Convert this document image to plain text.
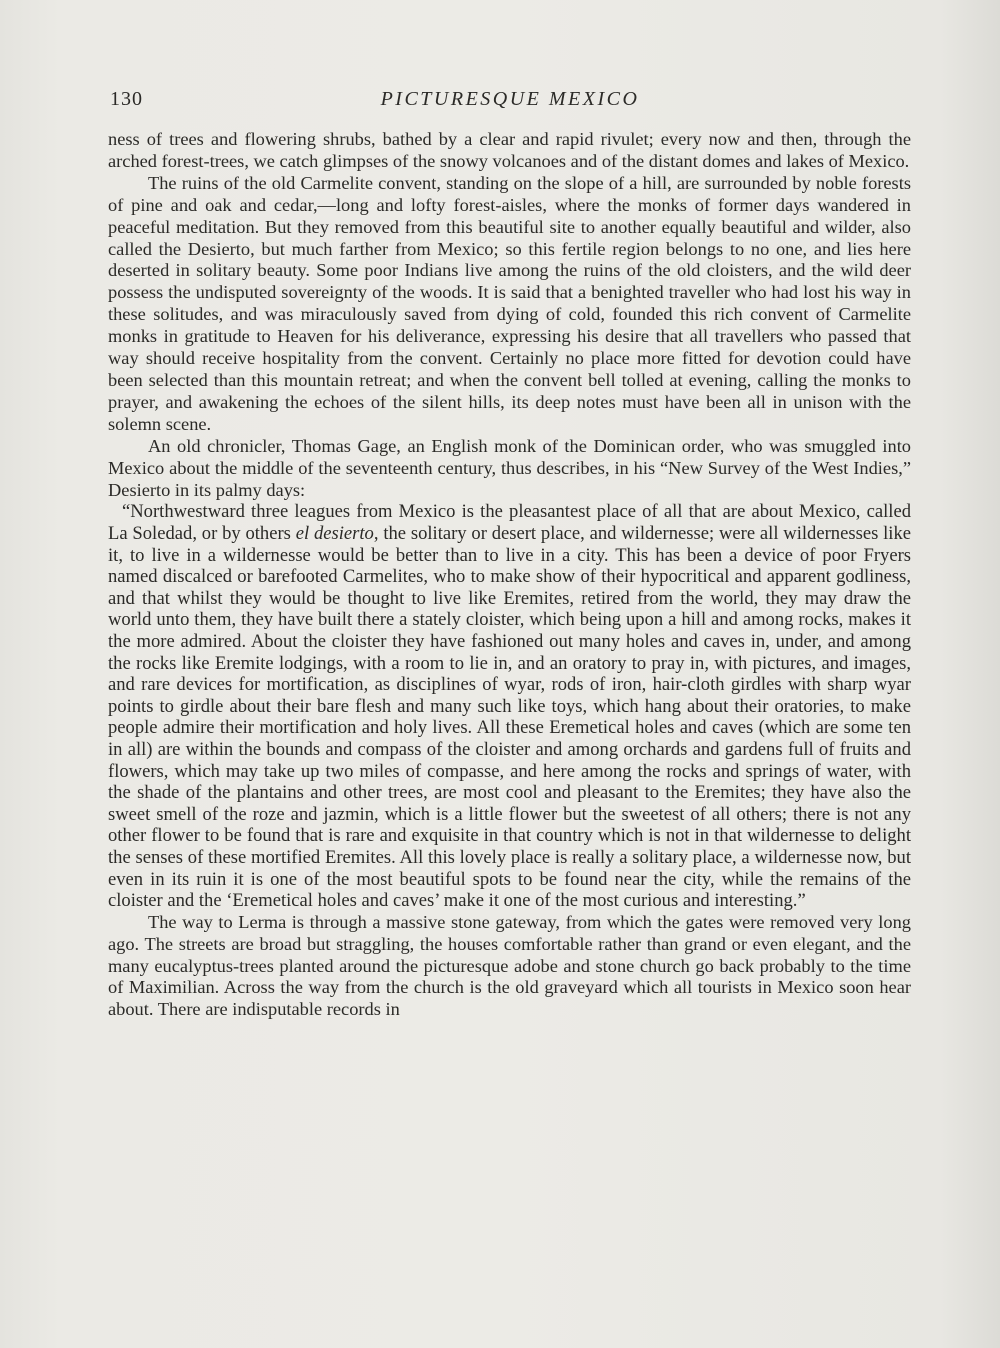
130	PICTURESQUE MEXICO

ness of trees and flowering shrubs, bathed by a clear and rapid rivulet; every now and then, through the arched forest-trees, we catch glimpses of the snowy volcanoes and of the distant domes and lakes of Mexico.

The ruins of the old Carmelite convent, standing on the slope of a hill, are surrounded by noble forests of pine and oak and cedar,—long and lofty forest-aisles, where the monks of former days wandered in peaceful meditation. But they removed from this beautiful site to another equally beautiful and wilder, also called the Desierto, but much farther from Mexico; so this fertile region belongs to no one, and lies here deserted in solitary beauty. Some poor Indians live among the ruins of the old cloisters, and the wild deer possess the undisputed sovereignty of the woods. It is said that a benighted traveller who had lost his way in these solitudes, and was miraculously saved from dying of cold, founded this rich convent of Carmelite monks in gratitude to Heaven for his deliverance, expressing his desire that all travellers who passed that way should receive hospitality from the convent. Certainly no place more fitted for devotion could have been selected than this mountain retreat; and when the convent bell tolled at evening, calling the monks to prayer, and awakening the echoes of the silent hills, its deep notes must have been all in unison with the solemn scene.

An old chronicler, Thomas Gage, an English monk of the Dominican order, who was smuggled into Mexico about the middle of the seventeenth century, thus describes, in his “New Survey of the West Indies,” Desierto in its palmy days:

“Northwestward three leagues from Mexico is the pleasantest place of all that are about Mexico, called La Soledad, or by others el desierto, the solitary or desert place, and wildernesse; were all wildernesses like it, to live in a wildernesse would be better than to live in a city. This has been a device of poor Fryers named discalced or barefooted Carmelites, who to make show of their hypocritical and apparent godliness, and that whilst they would be thought to live like Eremites, retired from the world, they may draw the world unto them, they have built there a stately cloister, which being upon a hill and among rocks, makes it the more admired. About the cloister they have fashioned out many holes and caves in, under, and among the rocks like Eremite lodgings, with a room to lie in, and an oratory to pray in, with pictures, and images, and rare devices for mortification, as disciplines of wyar, rods of iron, hair-cloth girdles with sharp wyar points to girdle about their bare flesh and many such like toys, which hang about their oratories, to make people admire their mortification and holy lives. All these Eremetical holes and caves (which are some ten in all) are within the bounds and compass of the cloister and among orchards and gardens full of fruits and flowers, which may take up two miles of compasse, and here among the rocks and springs of water, with the shade of the plantains and other trees, are most cool and pleasant to the Eremites; they have also the sweet smell of the roze and jazmin, which is a little flower but the sweetest of all others; there is not any other flower to be found that is rare and exquisite in that country which is not in that wildernesse to delight the senses of these mortified Eremites. All this lovely place is really a solitary place, a wildernesse now, but even in its ruin it is one of the most beautiful spots to be found near the city, while the remains of the cloister and the ‘Eremetical holes and caves’ make it one of the most curious and interesting.”

The way to Lerma is through a massive stone gateway, from which the gates were removed very long ago. The streets are broad but straggling, the houses comfortable rather than grand or even elegant, and the many eucalyptus-trees planted around the picturesque adobe and stone church go back probably to the time of Maximilian. Across the way from the church is the old graveyard which all tourists in Mexico soon hear about. There are indisputable records in
